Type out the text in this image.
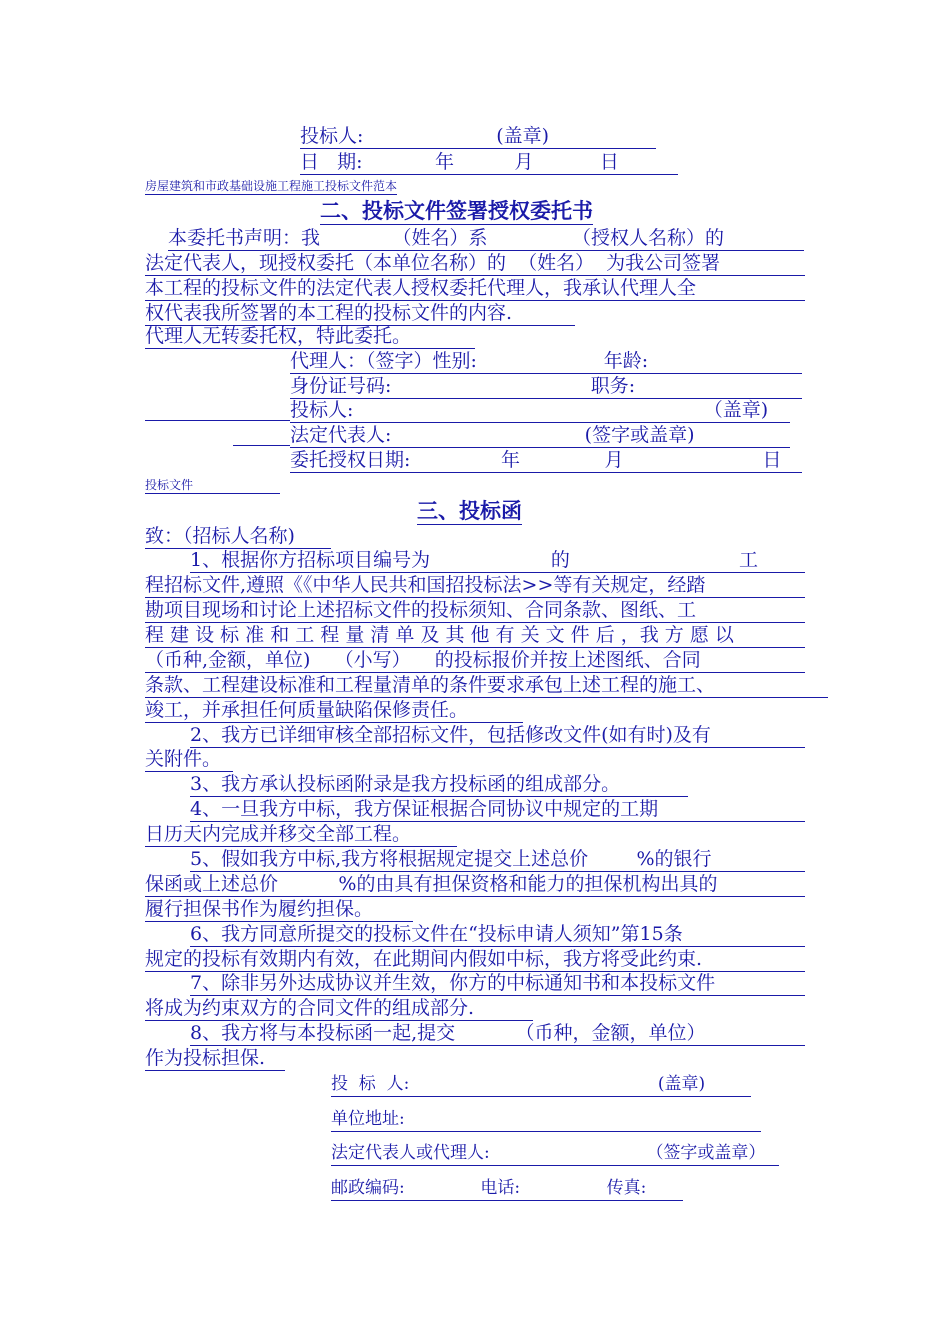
投标人:                      (盖章)
日   期:            年          月           日
房屋建筑和市政基础设施工程施工投标文件范本
二、投标文件签署授权委托书
本委托书声明：我            （姓名）系              （授权人名称）的
法定代表人，现授权委托（本单位名称）的  （姓名）  为我公司签署
本工程的投标文件的法定代表人授权委托代理人，我承认代理人全
权代表我所签署的本工程的投标文件的内容.
代理人无转委托权，特此委托。
代理人：（签字）性别:                     年龄:
身份证号码:                                 职务:
投标人:                                                          （盖章)
法定代表人:                                (签字或盖章)
委托授权日期:               年              月                       日
投标文件
三、投标函
致：（招标人名称)
1、根据你方招标项目编号为                    的                            工
程招标文件,遵照《《中华人民共和国招投标法>>等有关规定，经踏
勘项目现场和讨论上述招标文件的投标须知、合同条款、图纸、工
程 建 设 标 准 和 工 程 量 清 单 及 其 他 有 关 文 件 后 ，我 方 愿 以
（币种,金额，单位)    （小写）    的投标报价并按上述图纸、合同
条款、工程建设标准和工程量清单的条件要求承包上述工程的施工、
竣工，并承担任何质量缺陷保修责任。
2、我方已详细审核全部招标文件，包括修改文件(如有时)及有
关附件。
3、我方承认投标函附录是我方投标函的组成部分。
4、一旦我方中标，我方保证根据合同协议中规定的工期
日历天内完成并移交全部工程。
5、假如我方中标,我方将根据规定提交上述总价        %的银行
保函或上述总价          %的由具有担保资格和能力的担保机构出具的
履行担保书作为履约担保。
6、我方同意所提交的投标文件在“投标申请人须知”第15条
规定的投标有效期内有效，在此期间内假如中标，我方将受此约束.
7、除非另外达成协议并生效，你方的中标通知书和本投标文件
将成为约束双方的合同文件的组成部分.
8、我方将与本投标函一起,提交          （币种，金额，单位）
作为投标担保.
投  标  人:                                              (盖章)
单位地址:
法定代表人或代理人:                             （签字或盖章）
邮政编码:              电话:                传真:
